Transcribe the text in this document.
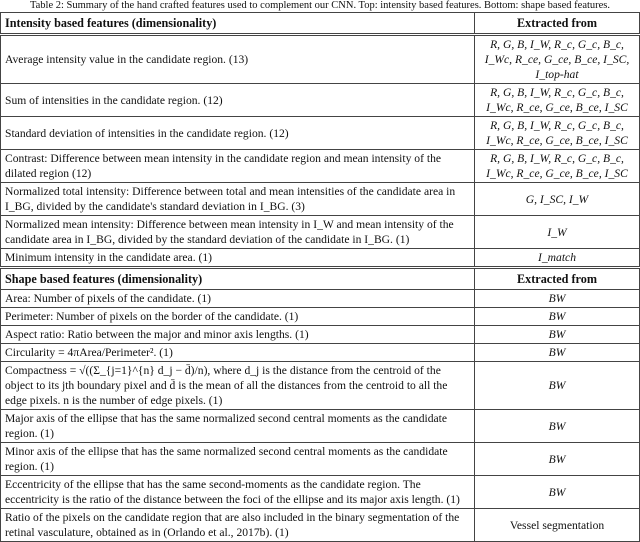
Table 2: Summary of the hand crafted features used to complement our CNN. Top: intensity based features. Bottom: shape based features.
Intensity based features (dimensionality)	Extracted from
Average intensity value in the candidate region. (13)	R, G, B, I_W, R_c, G_c, B_c, I_Wc, R_ce, G_ce, B_ce, I_SC, I_top-hat
Sum of intensities in the candidate region. (12)	R, G, B, I_W, R_c, G_c, B_c, I_Wc, R_ce, G_ce, B_ce, I_SC
Standard deviation of intensities in the candidate region. (12)	R, G, B, I_W, R_c, G_c, B_c, I_Wc, R_ce, G_ce, B_ce, I_SC
Contrast: Difference between mean intensity in the candidate region and mean intensity of the dilated region (12)	R, G, B, I_W, R_c, G_c, B_c, I_Wc, R_ce, G_ce, B_ce, I_SC
Normalized total intensity: Difference between total and mean intensities of the candidate area in I_BG, divided by the candidate's standard deviation in I_BG. (3)	G, I_SC, I_W
Normalized mean intensity: Difference between mean intensity in I_W and mean intensity of the candidate area in I_BG, divided by the standard deviation of the candidate in I_BG. (1)	I_W
Minimum intensity in the candidate area. (1)	I_match
Shape based features (dimensionality)	Extracted from
Area: Number of pixels of the candidate. (1)	BW
Perimeter: Number of pixels on the border of the candidate. (1)	BW
Aspect ratio: Ratio between the major and minor axis lengths. (1)	BW
Circularity = 4πArea/Perimeter². (1)	BW
Compactness = √((Σ_{j=1}^{n} d_j − d̄)/n), where d_j is the distance from the centroid of the object to its jth boundary pixel and d̄ is the mean of all the distances from the centroid to all the edge pixels. n is the number of edge pixels. (1)	BW
Major axis of the ellipse that has the same normalized second central moments as the candidate region. (1)	BW
Minor axis of the ellipse that has the same normalized second central moments as the candidate region. (1)	BW
Eccentricity of the ellipse that has the same second-moments as the candidate region. The eccentricity is the ratio of the distance between the foci of the ellipse and its major axis length. (1)	BW
Ratio of the pixels on the candidate region that are also included in the binary segmentation of the retinal vasculature, obtained as in (Orlando et al., 2017b). (1)	Vessel segmentation
